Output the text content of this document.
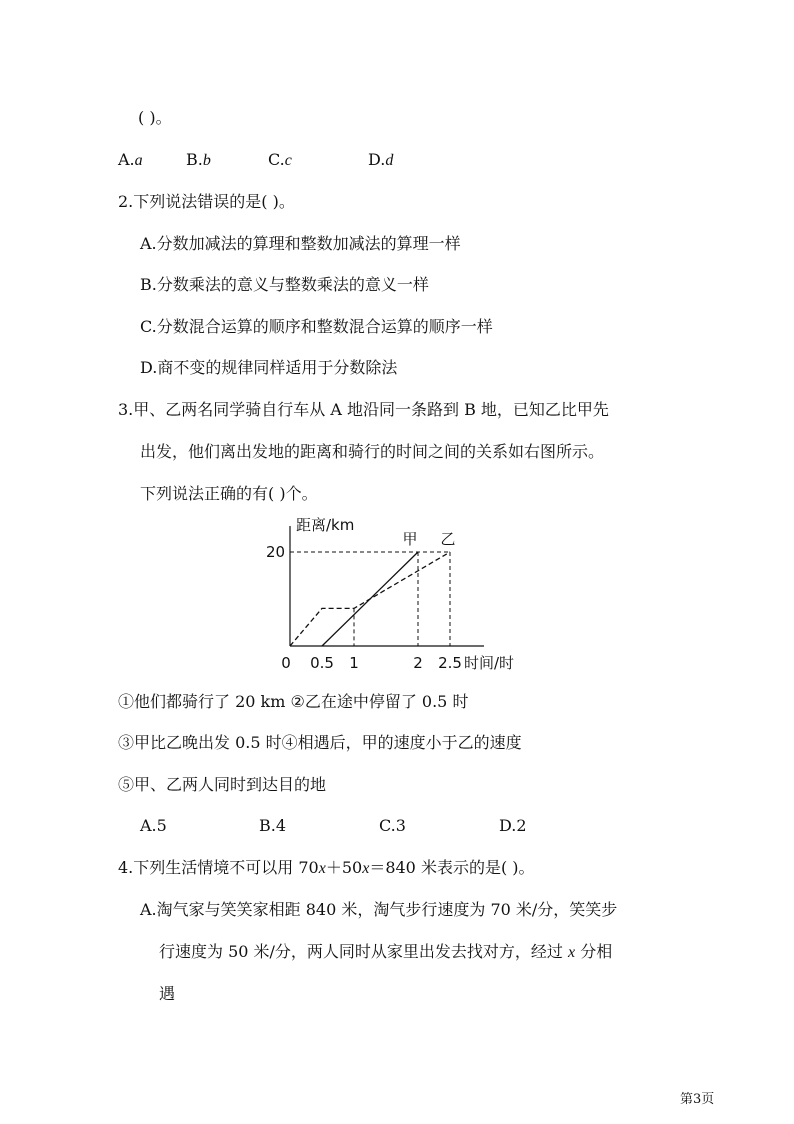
( )。
A.a	B.b	C.c	D.d
2.下列说法错误的是( )。
A.分数加减法的算理和整数加减法的算理一样
B.分数乘法的意义与整数乘法的意义一样
C.分数混合运算的顺序和整数混合运算的顺序一样
D.商不变的规律同样适用于分数除法
3.甲、乙两名同学骑自行车从 A 地沿同一条路到 B 地，已知乙比甲先
出发，他们离出发地的距离和骑行的时间之间的关系如右图所示。
下列说法正确的有( )个。
20
甲 乙
0 0.5 1	2 2.5 时间/时
距离/km
①他们都骑行了 20 km ②乙在途中停留了 0.5 时
③甲比乙晚出发 0.5 时④相遇后，甲的速度小于乙的速度
⑤甲、乙两人同时到达目的地
A.5	B.4	C.3	D.2
4.下列生活情境不可以用 70x＋50x＝840 米表示的是( )。
A.淘气家与笑笑家相距 840 米，淘气步行速度为 70 米/分，笑笑步
行速度为 50 米/分，两人同时从家里出发去找对方，经过 x 分相
遇
第3页
